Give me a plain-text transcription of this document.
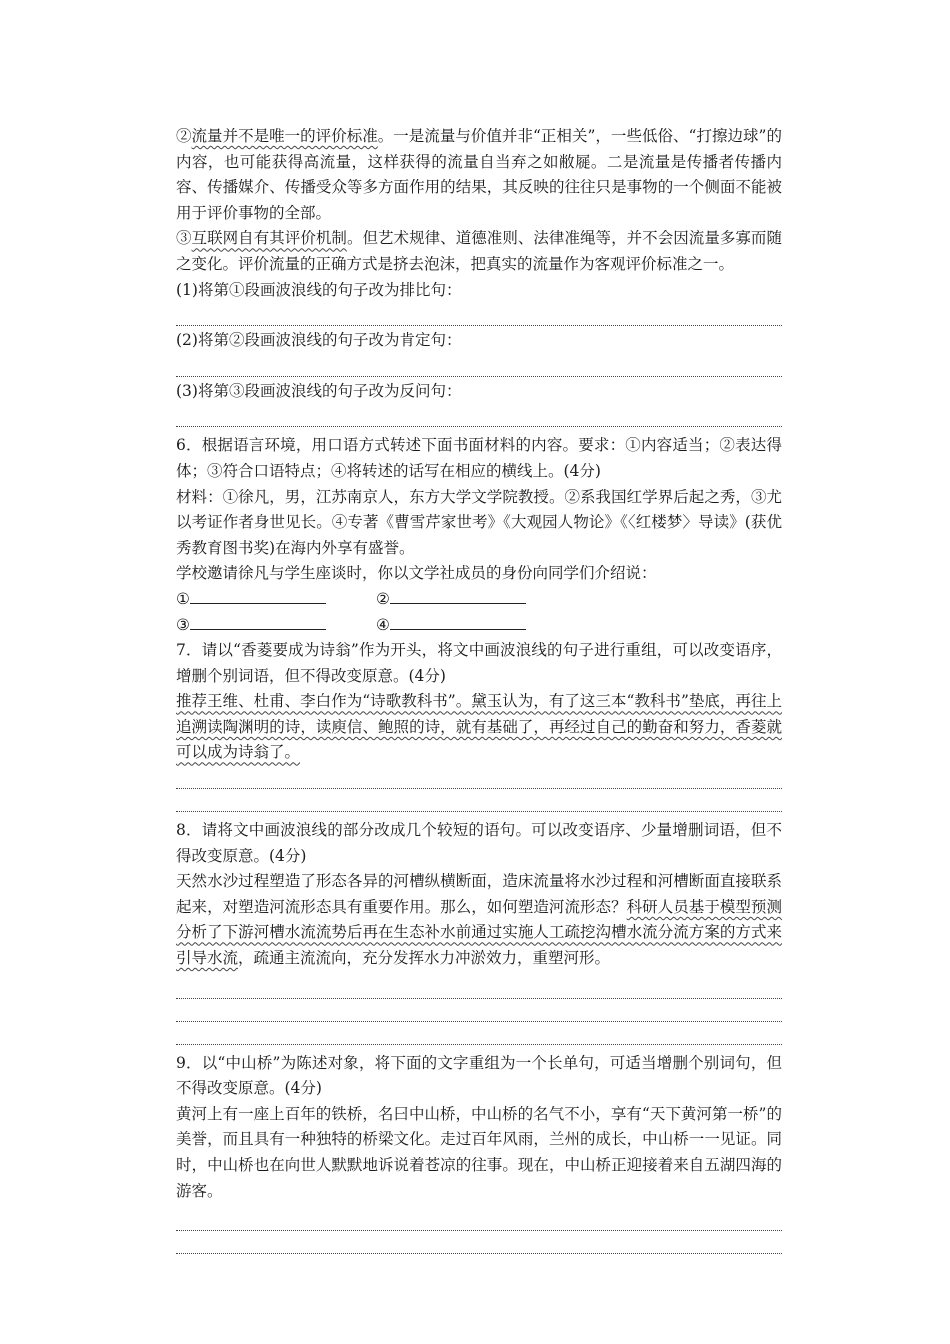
②流量并不是唯一的评价标准。一是流量与价值并非“正相关”，一些低俗、“打擦边球”的内容，也可能获得高流量，这样获得的流量自当弃之如敝屣。二是流量是传播者传播内容、传播媒介、传播受众等多方面作用的结果，其反映的往往只是事物的一个侧面不能被用于评价事物的全部。

③互联网自有其评价机制。但艺术规律、道德准则、法律准绳等，并不会因流量多寡而随之变化。评价流量的正确方式是挤去泡沫，把真实的流量作为客观评价标准之一。

(1)将第①段画波浪线的句子改为排比句：

(2)将第②段画波浪线的句子改为肯定句：

(3)将第③段画波浪线的句子改为反问句：

6．根据语言环境，用口语方式转述下面书面材料的内容。要求：①内容适当；②表达得体；③符合口语特点；④将转述的话写在相应的横线上。(4分)

材料：①徐凡，男，江苏南京人，东方大学文学院教授。②系我国红学界后起之秀，③尤以考证作者身世见长。④专著《曹雪芹家世考》《大观园人物论》《〈红楼梦〉导读》(获优秀教育图书奖)在海内外享有盛誉。

学校邀请徐凡与学生座谈时，你以文学社成员的身份向同学们介绍说：

①	②
③	④

7．请以“香菱要成为诗翁”作为开头，将文中画波浪线的句子进行重组，可以改变语序，增删个别词语，但不得改变原意。(4分)

推荐王维、杜甫、李白作为“诗歌教科书”。黛玉认为，有了这三本“教科书”垫底，再往上追溯读陶渊明的诗，读庾信、鲍照的诗，就有基础了，再经过自己的勤奋和努力，香菱就可以成为诗翁了。

8．请将文中画波浪线的部分改成几个较短的语句。可以改变语序、少量增删词语，但不得改变原意。(4分)

天然水沙过程塑造了形态各异的河槽纵横断面，造床流量将水沙过程和河槽断面直接联系起来，对塑造河流形态具有重要作用。那么，如何塑造河流形态？科研人员基于模型预测分析了下游河槽水流流势后再在生态补水前通过实施人工疏挖沟槽水流分流方案的方式来引导水流，疏通主流流向，充分发挥水力冲淤效力，重塑河形。

9．以“中山桥”为陈述对象，将下面的文字重组为一个长单句，可适当增删个别词句，但不得改变原意。(4分)

黄河上有一座上百年的铁桥，名曰中山桥，中山桥的名气不小，享有“天下黄河第一桥”的美誉，而且具有一种独特的桥梁文化。走过百年风雨，兰州的成长，中山桥一一见证。同时，中山桥也在向世人默默地诉说着苍凉的往事。现在，中山桥正迎接着来自五湖四海的游客。
